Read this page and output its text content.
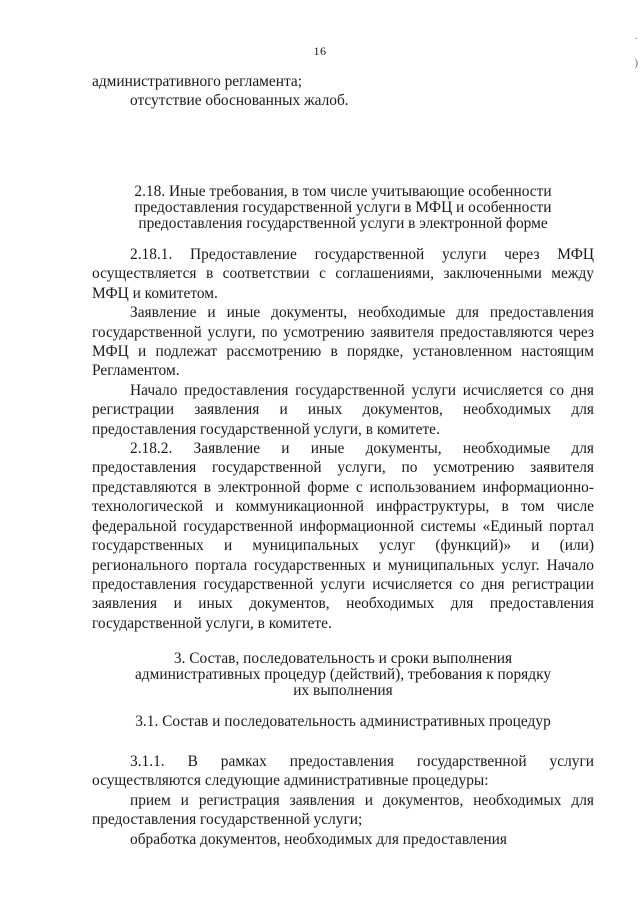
16
·
)

административного регламента;

отсутствие обоснованных жалоб.

2.18. Иные требования, в том числе учитывающие особенности предоставления государственной услуги в МФЦ и особенности предоставления государственной услуги в электронной форме

2.18.1. Предоставление государственной услуги через МФЦ осуществляется в соответствии с соглашениями, заключенными между МФЦ и комитетом.

Заявление и иные документы, необходимые для предоставления государственной услуги, по усмотрению заявителя предоставляются через МФЦ и подлежат рассмотрению в порядке, установленном настоящим Регламентом.

Начало предоставления государственной услуги исчисляется со дня регистрации заявления и иных документов, необходимых для предоставления государственной услуги, в комитете.

2.18.2. Заявление и иные документы, необходимые для предоставления государственной услуги, по усмотрению заявителя представляются в электронной форме с использованием информационно-технологической и коммуникационной инфраструктуры, в том числе федеральной государственной информационной системы «Единый портал государственных и муниципальных услуг (функций)» и (или) регионального портала государственных и муниципальных услуг. Начало предоставления государственной услуги исчисляется со дня регистрации заявления и иных документов, необходимых для предоставления государственной услуги, в комитете.

3. Состав, последовательность и сроки выполнения административных процедур (действий), требования к порядку их выполнения
3.1. Состав и последовательность административных процедур

3.1.1. В рамках предоставления государственной услуги осуществляются следующие административные процедуры:

прием и регистрация заявления и документов, необходимых для предоставления государственной услуги;

обработка документов, необходимых для предоставления
